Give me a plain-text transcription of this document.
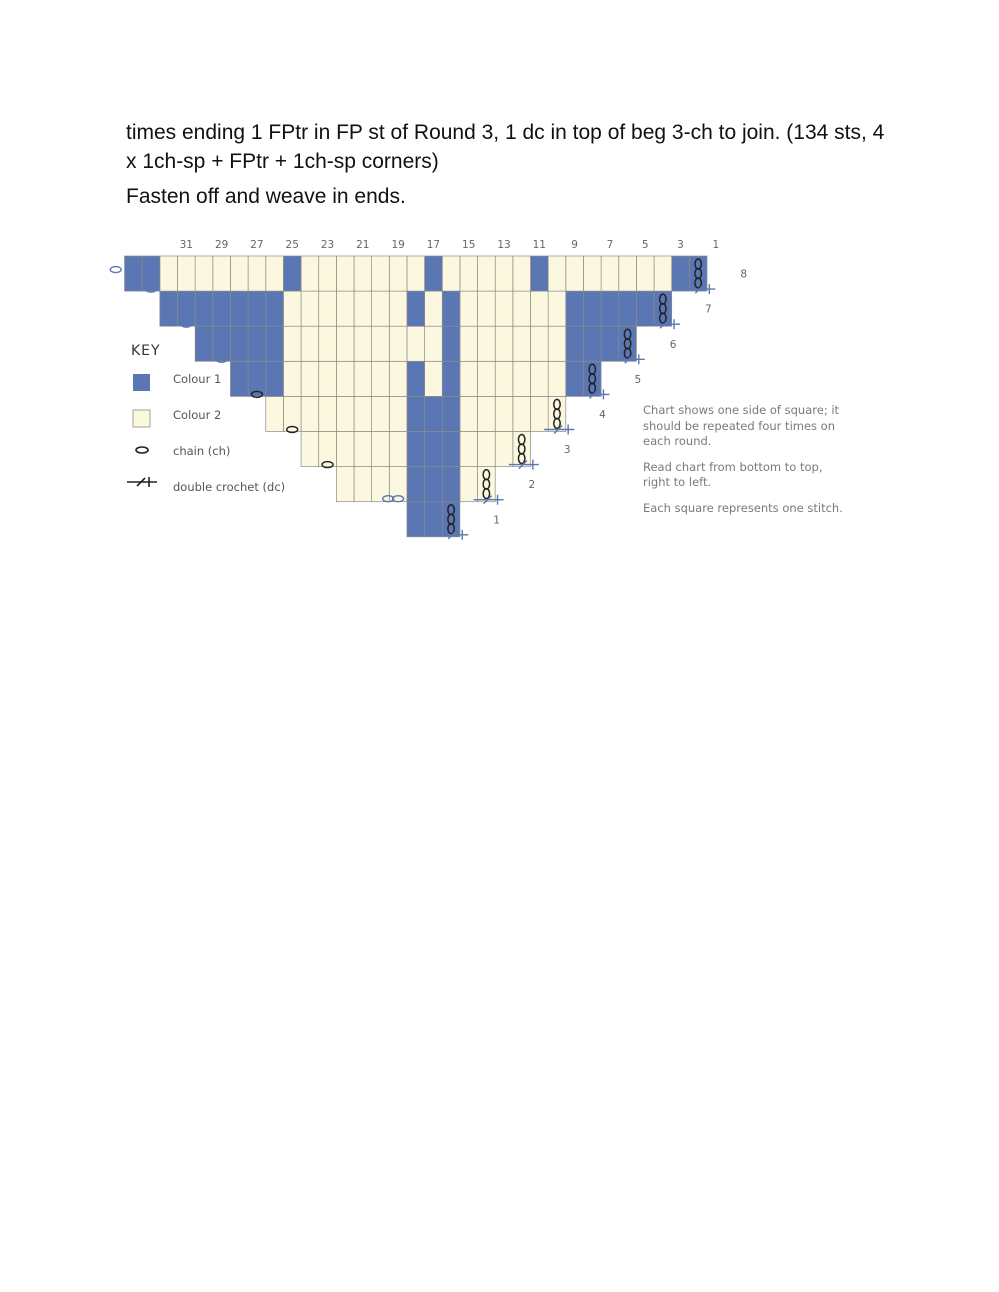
times ending 1 FPtr in FP st of Round 3, 1 dc in top of beg 3-ch to join. (134 sts, 4 x 1ch-sp + FPtr + 1ch-sp corners)

Fasten off and weave in ends.

1
2
3
4
5
6
7
8
31 29 27 25 23 21 19 17 15 13 11 9	7	5	3	1
KEY
Colour 1
Colour 2
chain (ch)
double crochet (dc)
Chart shows one side of square; it
should be repeated four times on
each round.
Read chart from bottom to top,
right to left.
Each square represents one stitch.
